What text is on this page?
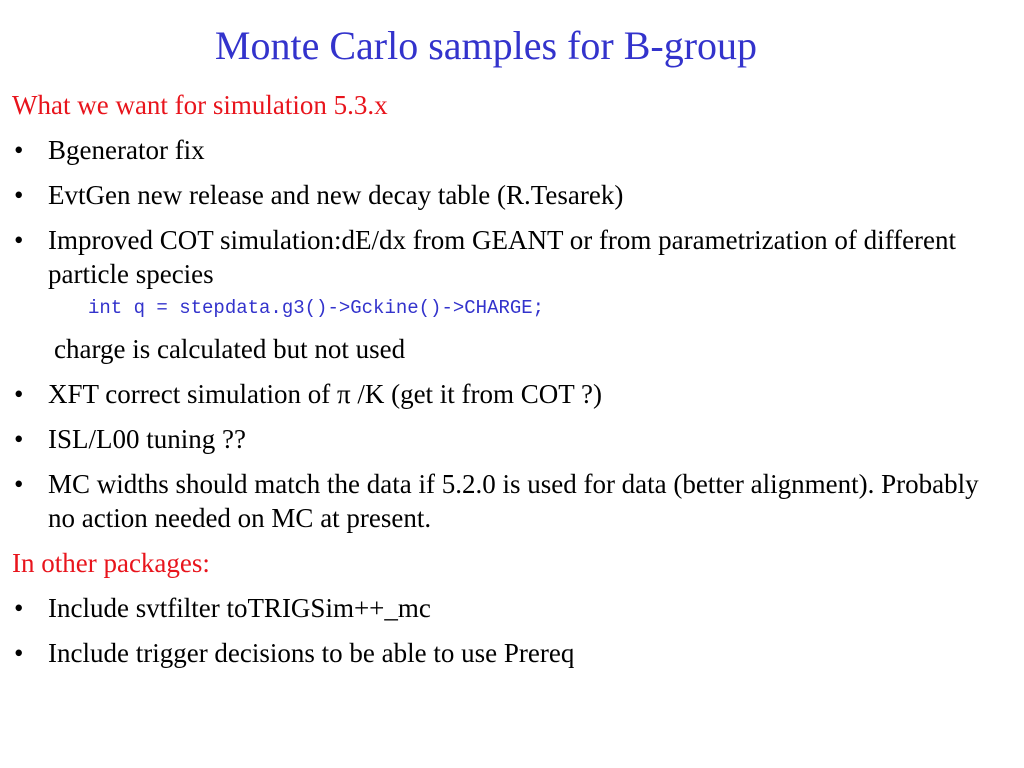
Monte Carlo samples for B-group
What we want for simulation 5.3.x
• Bgenerator fix
• EvtGen new release and new decay table (R.Tesarek)
• Improved COT simulation:dE/dx from GEANT or from parametrization of different particle species
int q = stepdata.g3()->Gckine()->CHARGE;
charge is calculated but not used
• XFT correct simulation of π /K (get it from COT ?)
• ISL/L00 tuning ??
• MC widths should match the data if 5.2.0 is used for data (better alignment). Probably no action needed on MC at present.
In other packages:
• Include svtfilter toTRIGSim++_mc
• Include trigger decisions to be able to use Prereq
